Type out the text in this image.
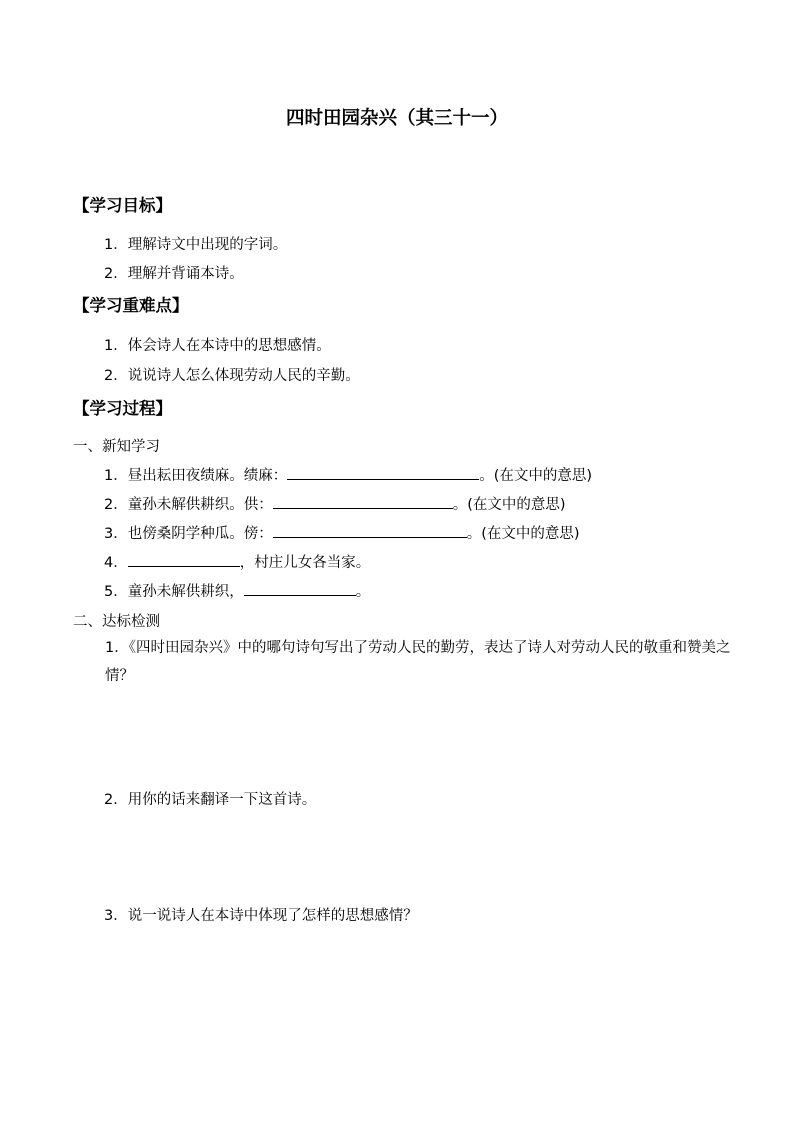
四时田园杂兴（其三十一）
【学习目标】
1．理解诗文中出现的字词。
2．理解并背诵本诗。
【学习重难点】
1．体会诗人在本诗中的思想感情。
2．说说诗人怎么体现劳动人民的辛勤。
【学习过程】
一、新知学习
1．昼出耘田夜绩麻。绩麻：	。(在文中的意思)
2．童孙未解供耕织。供：	。(在文中的意思)
3．也傍桑阴学种瓜。傍：	。(在文中的意思)
4．	，村庄儿女各当家。
5．童孙未解供耕织，	。
二、达标检测
1．《四时田园杂兴》中的哪句诗句写出了劳动人民的勤劳，表达了诗人对劳动人民的敬重和赞美之情？
2．用你的话来翻译一下这首诗。
3．说一说诗人在本诗中体现了怎样的思想感情？
